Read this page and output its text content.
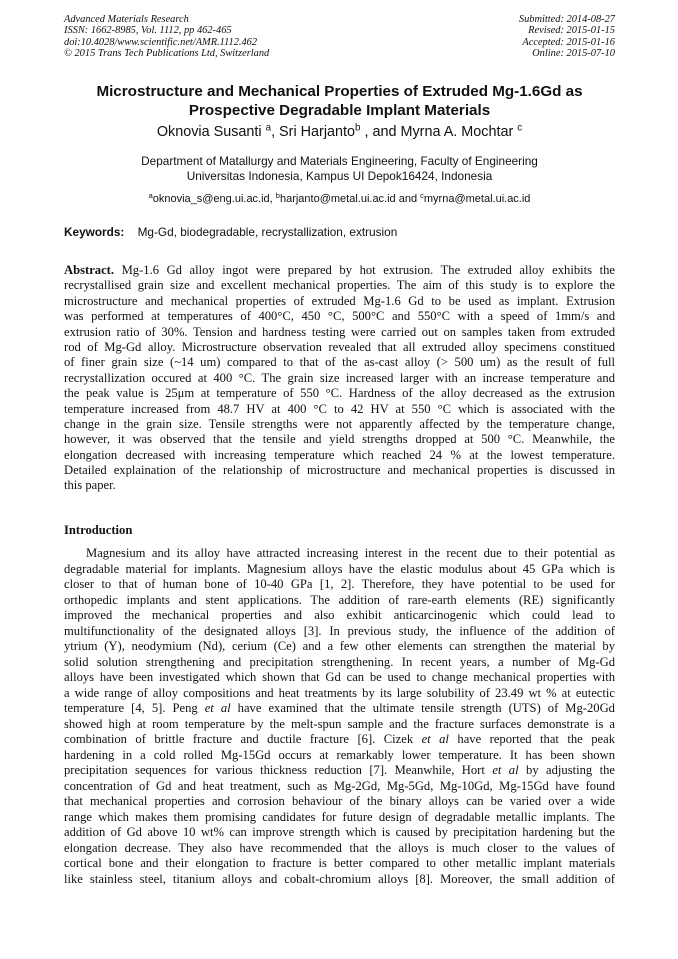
Advanced Materials Research
ISSN: 1662-8985, Vol. 1112, pp 462-465
doi:10.4028/www.scientific.net/AMR.1112.462
© 2015 Trans Tech Publications Ltd, Switzerland
Submitted: 2014-08-27
Revised: 2015-01-15
Accepted: 2015-01-16
Online: 2015-07-10
Microstructure and Mechanical Properties of Extruded Mg-1.6Gd as
Prospective Degradable Implant Materials
Oknovia Susanti $^a$, Sri Harjanto$^b$ , and Myrna A. Mochtar $^c$
Department of Matallurgy and Materials Engineering, Faculty of Engineering
Universitas Indonesia, Kampus UI Depok16424, Indonesia
$^a$oknovia_s@eng.ui.ac.id, $^b$harjanto@metal.ui.ac.id and $^c$myrna@metal.ui.ac.id
Keywords: Mg-Gd, biodegradable, recrystallization, extrusion
Abstract. Mg-1.6 Gd alloy ingot were prepared by hot extrusion. The extruded alloy exhibits the
recrystallised grain size and excellent mechanical properties. The aim of this study is to explore the
microstructure and mechanical properties of extruded Mg-1.6 Gd to be used as implant. Extrusion
was performed at temperatures of 400°C, 450 °C, 500°C and 550°C with a speed of 1mm/s and
extrusion ratio of 30%. Tension and hardness testing were carried out on samples taken from extruded
rod of Mg-Gd alloy. Microstructure observation revealed that all extruded alloy specimens constitued
of finer grain size (~14 um) compared to that of the as-cast alloy (> 500 um) as the result of full
recrystallization occured at 400 °C. The grain size increased larger with an increase temperature and
the peak value is 25μm at temperature of 550 °C. Hardness of the alloy decreased as the extrusion
temperature increased from 48.7 HV at 400 °C to 42 HV at 550 °C which is associated with the
change in the grain size. Tensile strengths were not apparently affected by the temperature change,
however, it was observed that the tensile and yield strengths dropped at 500 °C. Meanwhile, the
elongation decreased with increasing temperature which reached 24 % at the lowest temperature.
Detailed explaination of the relationship of microstructure and mechanical properties is discussed in
this paper.
Introduction
Magnesium and its alloy have attracted increasing interest in the recent due to their potential as
degradable material for implants. Magnesium alloys have the elastic modulus about 45 GPa which is
closer to that of human bone of 10-40 GPa [1, 2]. Therefore, they have potential to be used for
orthopedic implants and stent applications. The addition of rare-earth elements (RE) significantly
improved the mechanical properties and also exhibit anticarcinogenic which could lead to
multifunctionality of the designated alloys [3]. In previous study, the influence of the addition of
ytrium (Y), neodymium (Nd), cerium (Ce) and a few other elements can strengthen the material by
solid solution strengthening and precipitation strengthening. In recent years, a number of Mg-Gd
alloys have been investigated which shown that Gd can be used to change mechanical properties with
a wide range of alloy compositions and heat treatments by its large solubility of 23.49 wt % at eutectic
temperature [4, 5]. Peng et al have examined that the ultimate tensile strength (UTS) of Mg-20Gd
showed high at room temperature by the melt-spun sample and the fracture surfaces demonstrate is a
combination of brittle fracture and ductile fracture [6]. Cizek et al have reported that the peak
hardening in a cold rolled Mg-15Gd occurs at remarkably lower temperature. It has been shown
precipitation sequences for various thickness reduction [7]. Meanwhile, Hort et al by adjusting the
concentration of Gd and heat treatment, such as Mg-2Gd, Mg-5Gd, Mg-10Gd, Mg-15Gd have found
that mechanical properties and corrosion behaviour of the binary alloys can be varied over a wide
range which makes them promising candidates for future design of degradable metallic implants. The
addition of Gd above 10 wt% can improve strength which is caused by precipitation hardening but the
elongation decrease. They also have recommended that the alloys is much closer to the values of
cortical bone and their elongation to fracture is better compared to other metallic implant materials
like stainless steel, titanium alloys and cobalt-chromium alloys [8]. Moreover, the small addition of
